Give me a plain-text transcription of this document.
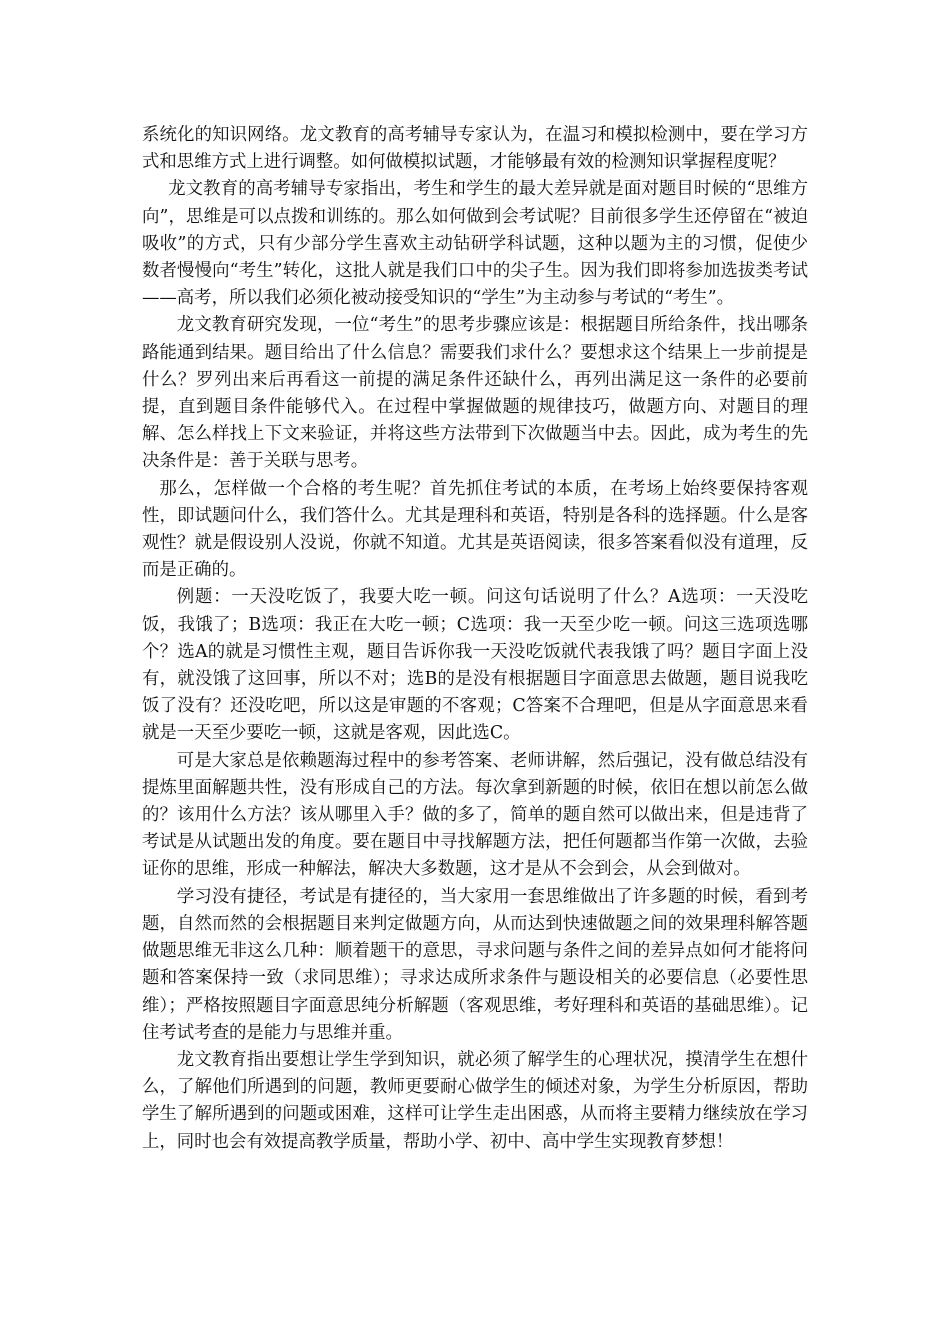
系统化的知识网络。龙文教育的高考辅导专家认为，在温习和模拟检测中，要在学习方式和思维方式上进行调整。如何做模拟试题，才能够最有效的检测知识掌握程度呢？

龙文教育的高考辅导专家指出，考生和学生的最大差异就是面对题目时候的“思维方向”，思维是可以点拨和训练的。那么如何做到会考试呢？目前很多学生还停留在“被迫吸收”的方式，只有少部分学生喜欢主动钻研学科试题，这种以题为主的习惯，促使少数者慢慢向“考生”转化，这批人就是我们口中的尖子生。因为我们即将参加选拔类考试——高考，所以我们必须化被动接受知识的“学生”为主动参与考试的“考生”。

龙文教育研究发现，一位“考生”的思考步骤应该是：根据题目所给条件，找出哪条路能通到结果。题目给出了什么信息？需要我们求什么？要想求这个结果上一步前提是什么？罗列出来后再看这一前提的满足条件还缺什么，再列出满足这一条件的必要前提，直到题目条件能够代入。在过程中掌握做题的规律技巧，做题方向、对题目的理解、怎么样找上下文来验证，并将这些方法带到下次做题当中去。因此，成为考生的先决条件是：善于关联与思考。

那么，怎样做一个合格的考生呢？首先抓住考试的本质，在考场上始终要保持客观性，即试题问什么，我们答什么。尤其是理科和英语，特别是各科的选择题。什么是客观性？就是假设别人没说，你就不知道。尤其是英语阅读，很多答案看似没有道理，反而是正确的。

例题：一天没吃饭了，我要大吃一顿。问这句话说明了什么？A选项：一天没吃饭，我饿了；B选项：我正在大吃一顿；C选项：我一天至少吃一顿。问这三选项选哪个？选A的就是习惯性主观，题目告诉你我一天没吃饭就代表我饿了吗？题目字面上没有，就没饿了这回事，所以不对；选B的是没有根据题目字面意思去做题，题目说我吃饭了没有？还没吃吧，所以这是审题的不客观；C答案不合理吧，但是从字面意思来看就是一天至少要吃一顿，这就是客观，因此选C。

可是大家总是依赖题海过程中的参考答案、老师讲解，然后强记，没有做总结没有提炼里面解题共性，没有形成自己的方法。每次拿到新题的时候，依旧在想以前怎么做的？该用什么方法？该从哪里入手？做的多了，简单的题自然可以做出来，但是违背了考试是从试题出发的角度。要在题目中寻找解题方法，把任何题都当作第一次做，去验证你的思维，形成一种解法，解决大多数题，这才是从不会到会，从会到做对。

学习没有捷径，考试是有捷径的，当大家用一套思维做出了许多题的时候，看到考题，自然而然的会根据题目来判定做题方向，从而达到快速做题之间的效果理科解答题做题思维无非这么几种：顺着题干的意思，寻求问题与条件之间的差异点如何才能将问题和答案保持一致（求同思维）；寻求达成所求条件与题设相关的必要信息（必要性思维）；严格按照题目字面意思纯分析解题（客观思维，考好理科和英语的基础思维）。记住考试考查的是能力与思维并重。

龙文教育指出要想让学生学到知识，就必须了解学生的心理状况，摸清学生在想什么，了解他们所遇到的问题，教师更要耐心做学生的倾述对象，为学生分析原因，帮助学生了解所遇到的问题或困难，这样可让学生走出困惑，从而将主要精力继续放在学习上，同时也会有效提高教学质量，帮助小学、初中、高中学生实现教育梦想！
